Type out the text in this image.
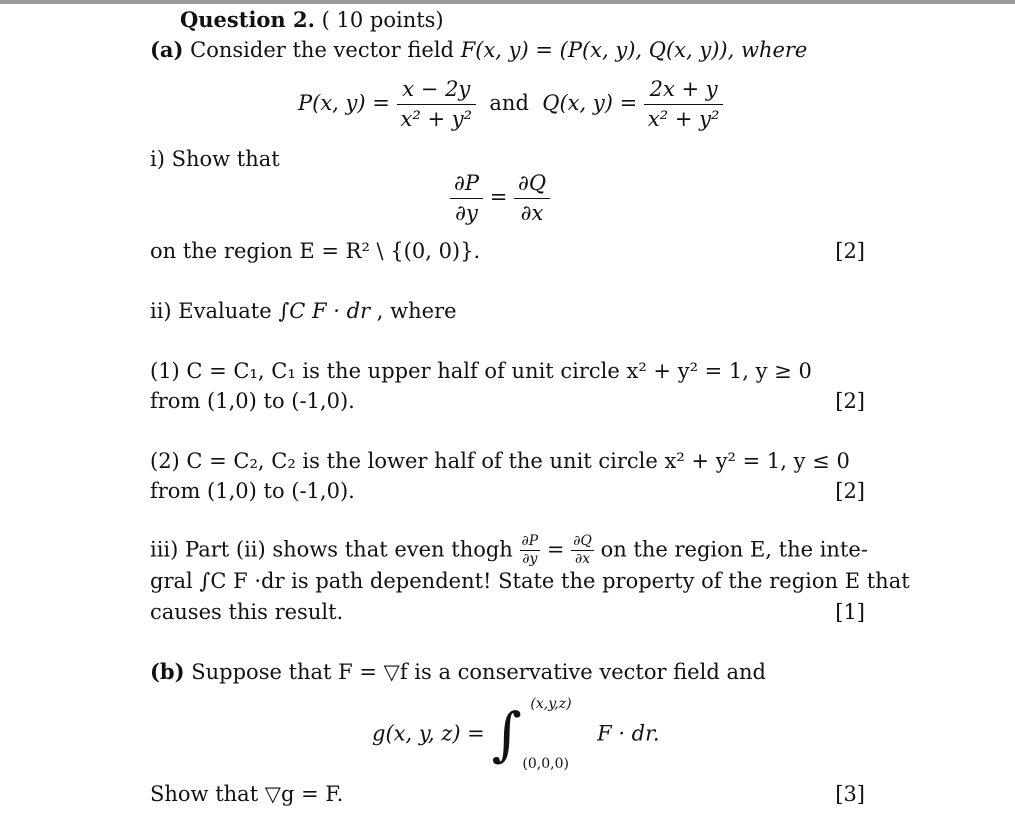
Question 2. ( 10 points)
(a) Consider the vector field F(x, y) = (P(x, y), Q(x, y)), where
P(x, $y) = \frac{x - 2y}{\text{x² + y²}}$ and Q(x, $y) = \frac{2x + y}{\text{x² + y²}}$
i) Show that
$\frac{\partial P}{\partial y} = \frac{\partial Q}{\partial x}$
on the region E = R² \ {(0, 0)}.	[2]
ii) Evaluate ∫C F · dr , where
(1) C = C₁, C₁ is the upper half of unit circle x² + y² = 1, y ≥ 0
from (1,0) to (-1,0).	[2]
(2) C = C₂, C₂ is the lower half of the unit circle x² + y² = 1, y ≤ 0
from (1,0) to (-1,0).	[2]
iii) Part (ii) shows that even thogh $\frac{\partial P}{\partial y} = \frac{\partial Q}{\partial x}$ on the region E, the inte-
gral ∫C F ·dr is path dependent! State the property of the region E that
causes this result.	[1]
(b) Suppose that F = ▽f is a conservative vector field and
g(x, y, z) = ∫ (x,y,z)
(0,0,0)
F · dr.
Show that ▽g = F.	[3]
